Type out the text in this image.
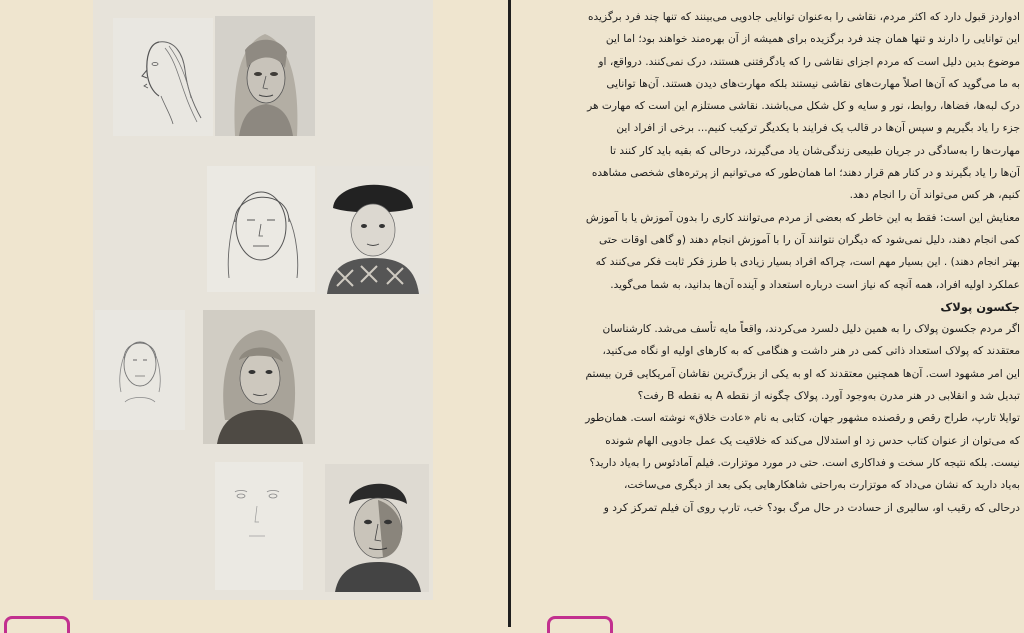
ادوارد‌ز قبول دارد که اکثر مردم، نقاشی را به‌عنوان توانایی جادویی می‌بینند که تنها چند فرد برگزیده

این توانایی را دارند و تنها همان چند فرد برگزیده برای همیشه از آن بهره‌مند خواهند بود؛ اما این

موضوع بدین دلیل است که مردم اجزای نقاشی را که یادگرفتنی هستند، درک نمی‌کنند. درواقع، او

به ما می‌گوید که آن‌ها اصلاً مهارت‌های نقاشی نیستند بلکه مهارت‌های دیدن هستند. آن‌ها توانایی

درک لبه‌ها، فضاها، روابط، نور و سایه و کل شکل می‌باشند. نقاشی مستلزم این است که مهارت هر

جزء را یاد بگیریم و سپس آن‌ها در قالب یک فرایند با یکدیگر ترکیب کنیم... برخی از افراد این

مهارت‌ها را به‌سادگی در جریان طبیعی زندگی‌شان یاد می‌گیرند، درحالی که بقیه باید کار کنند تا

آن‌ها را یاد بگیرند و در کنار هم قرار دهند؛ اما همان‌طور که می‌توانیم از پرتره‌های شخصی مشاهده

کنیم، هر کس می‌تواند آن را انجام دهد.

معنایش این است: فقط به این خاطر که بعضی از مردم می‌توانند کاری را بدون آموزش یا با آموزش

کمی انجام دهند، دلیل نمی‌شود که دیگران نتوانند آن را با آموزش انجام دهند (و گاهی اوقات حتی

بهتر انجام دهند) . این بسیار مهم است، چراکه افراد بسیار زیادی با طرز فکر ثابت فکر می‌کنند که

عملکرد اولیه افراد، همه آنچه که نیاز است درباره استعداد و آینده آن‌ها بدانید، به شما می‌گوید.

جکسون پولاک

اگر مردم جکسون پولاک را به همین دلیل دلسرد می‌کردند، واقعاً مایه تأسف می‌شد. کارشناسان

معتقدند که پولاک استعداد ذاتی کمی در هنر داشت و هنگامی که به کارهای اولیه او نگاه می‌کنید،

این امر مشهود است. آن‌ها همچنین معتقدند که او به یکی از بزرگ‌ترین نقاشان آمریکایی قرن بیستم

تبدیل شد و انقلابی در هنر مدرن به‌وجود آورد. پولاک چگونه از نقطه A به نقطه B رفت؟

توایلا تارپ، طراح رقص و رقصنده مشهور جهان، کتابی به نام «عادت خلاق» نوشته است. همان‌طور

که می‌توان از عنوان کتاب حدس زد او استدلال می‌کند که خلاقیت یک عمل جادویی الهام شونده

نیست. بلکه نتیجه کار سخت و فداکاری است. حتی در مورد موتزارت. فیلم آمادئوس را به‌یاد دارید؟

به‌یاد دارید که نشان می‌داد که موتزارت به‌راحتی شاهکارهایی یکی بعد از دیگری می‌ساخت،

درحالی که رقیب او، سالیری از حسادت در حال مرگ بود؟ خب، تارپ روی آن فیلم تمرکز کرد و
